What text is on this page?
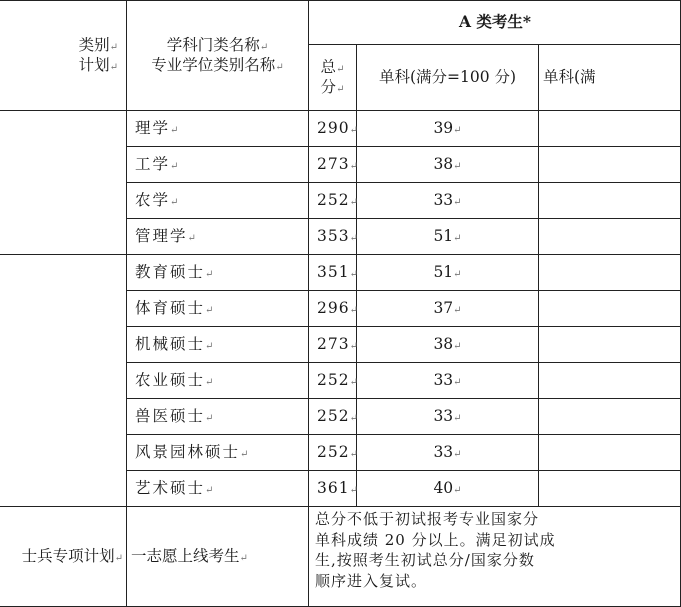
类别↵
计划↵	学科门类名称↵
专业学位类别名称↵	A 类考生*		
		总↵
分↵	单科(满分=100 分)	单科(满
	理学↵	290↵	39↵	
	工学↵	273↵	38↵	
	农学↵	252↵	33↵	
	管理学↵	353↵	51↵	
	教育硕士↵	351↵	51↵	
	体育硕士↵	296↵	37↵	
	机械硕士↵	273↵	38↵	
	农业硕士↵	252↵	33↵	
	兽医硕士↵	252↵	33↵	
	风景园林硕士↵	252↵	33↵	
	艺术硕士↵	361↵	40↵	
士兵专项计划↵	一志愿上线考生↵	总分不低于初试报考专业国家分
单科成绩 20 分以上。满足初试成
生,按照考生初试总分/国家分数
顺序进入复试。		
